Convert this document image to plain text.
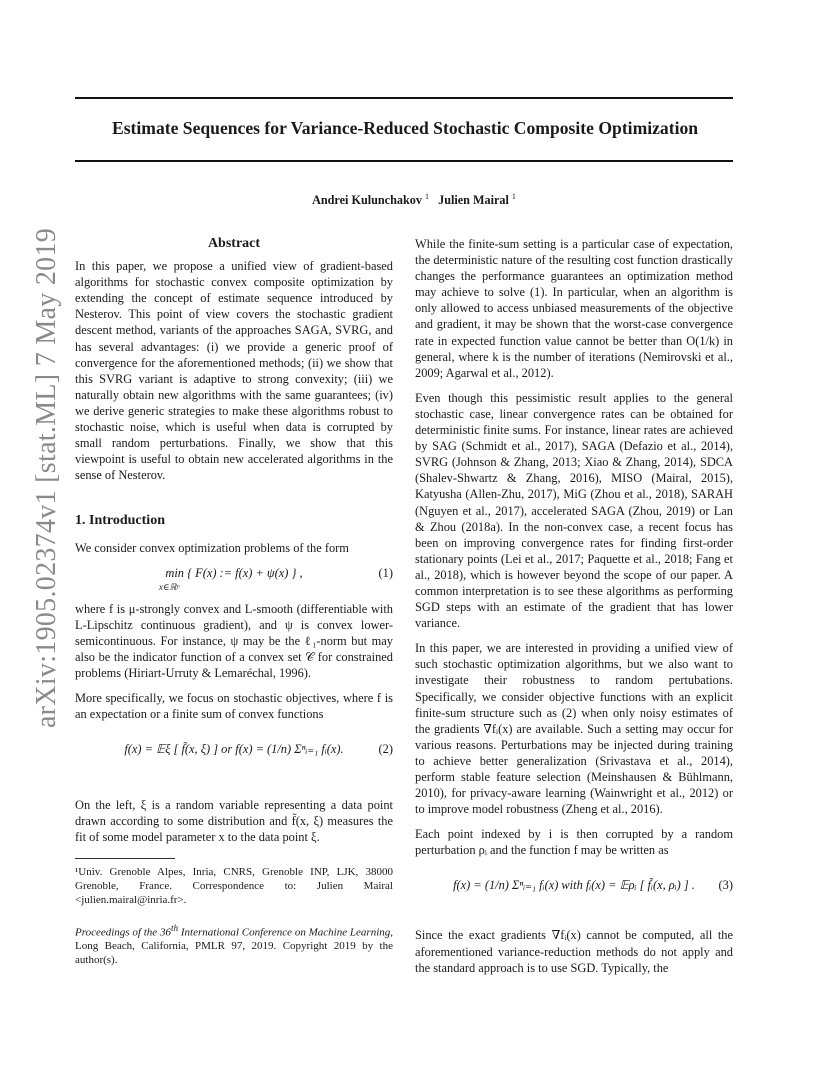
Estimate Sequences for Variance-Reduced Stochastic Composite Optimization
Andrei Kulunchakov $^1$ Julien Mairal $^1$
arXiv:1905.02374v1 [stat.ML] 7 May 2019	Abstract

In this paper, we propose a unified view of gradient-based algorithms for stochastic convex composite optimization by extending the concept of estimate sequence introduced by Nesterov. This point of view covers the stochastic gradient descent method, variants of the approaches SAGA, SVRG, and has several advantages: (i) we provide a generic proof of convergence for the aforementioned methods; (ii) we show that this SVRG variant is adaptive to strong convexity; (iii) we naturally obtain new algorithms with the same guarantees; (iv) we derive generic strategies to make these algorithms robust to stochastic noise, which is useful when data is corrupted by small random perturbations. Finally, we show that this viewpoint is useful to obtain new accelerated algorithms in the sense of Nesterov.

1. Introduction

We consider convex optimization problems of the form

min { F(x) := f(x) + ψ(x) } ,	(1)
x∈ℝᵖ

where f is μ-strongly convex and L-smooth (differentiable with L-Lipschitz continuous gradient), and ψ is convex lower-semicontinuous. For instance, ψ may be the ℓ₁-norm but may also be the indicator function of a convex set 𝒞 for constrained problems (Hiriart-Urruty & Lemaréchal, 1996).

More specifically, we focus on stochastic objectives, where f is an expectation or a finite sum of convex functions

f(x) = 𝔼ξ [ f̃(x, ξ) ] or f(x) = (1/n) Σⁿᵢ₌₁ fᵢ(x).	(2)

On the left, ξ is a random variable representing a data point drawn according to some distribution and f̃(x, ξ) measures the fit of some model parameter x to the data point ξ.

¹Univ. Grenoble Alpes, Inria, CNRS, Grenoble INP, LJK, 38000 Grenoble, France. Correspondence to: Julien Mairal <julien.mairal@inria.fr>.
Proceedings of the 36th International Conference on Machine Learning, Long Beach, California, PMLR 97, 2019. Copyright 2019 by the author(s).

While the finite-sum setting is a particular case of expectation, the deterministic nature of the resulting cost function drastically changes the performance guarantees an optimization method may achieve to solve (1). In particular, when an algorithm is only allowed to access unbiased measurements of the objective and gradient, it may be shown that the worst-case convergence rate in expected function value cannot be better than O(1/k) in general, where k is the number of iterations (Nemirovski et al., 2009; Agarwal et al., 2012).

Even though this pessimistic result applies to the general stochastic case, linear convergence rates can be obtained for deterministic finite sums. For instance, linear rates are achieved by SAG (Schmidt et al., 2017), SAGA (Defazio et al., 2014), SVRG (Johnson & Zhang, 2013; Xiao & Zhang, 2014), SDCA (Shalev-Shwartz & Zhang, 2016), MISO (Mairal, 2015), Katyusha (Allen-Zhu, 2017), MiG (Zhou et al., 2018), SARAH (Nguyen et al., 2017), accelerated SAGA (Zhou, 2019) or Lan & Zhou (2018a). In the non-convex case, a recent focus has been on improving convergence rates for finding first-order stationary points (Lei et al., 2017; Paquette et al., 2018; Fang et al., 2018), which is however beyond the scope of our paper. A common interpretation is to see these algorithms as performing SGD steps with an estimate of the gradient that has lower variance.

In this paper, we are interested in providing a unified view of such stochastic optimization algorithms, but we also want to investigate their robustness to random pertubations. Specifically, we consider objective functions with an explicit finite-sum structure such as (2) when only noisy estimates of the gradients ∇fᵢ(x) are available. Such a setting may occur for various reasons. Perturbations may be injected during training to achieve better generalization (Srivastava et al., 2014), perform stable feature selection (Meinshausen & Bühlmann, 2010), for privacy-aware learning (Wainwright et al., 2012) or to improve model robustness (Zheng et al., 2016).

Each point indexed by i is then corrupted by a random perturbation ρᵢ and the function f may be written as

f(x) = (1/n) Σⁿᵢ₌₁ fᵢ(x) with fᵢ(x) = 𝔼ρᵢ [ f̃ᵢ(x, ρᵢ) ] . (3)

Since the exact gradients ∇fᵢ(x) cannot be computed, all the aforementioned variance-reduction methods do not apply and the standard approach is to use SGD. Typically, the
